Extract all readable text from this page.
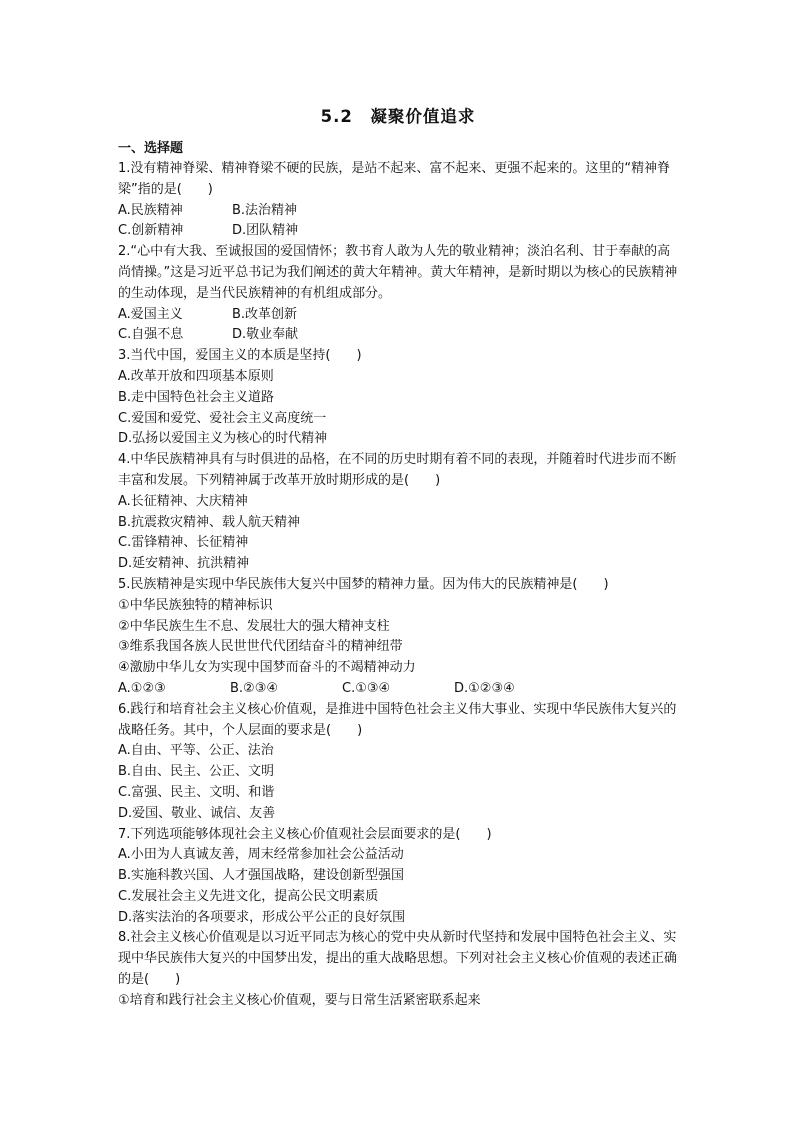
5.2　凝聚价值追求

一、选择题

1.没有精神脊梁、精神脊梁不硬的民族，是站不起来、富不起来、更强不起来的。这里的“精神脊梁”指的是(　　)

A.民族精神	B.法治精神
C.创新精神	D.团队精神

2.“心中有大我、至诚报国的爱国情怀；教书育人敢为人先的敬业精神；淡泊名利、甘于奉献的高尚情操。”这是习近平总书记为我们阐述的黄大年精神。黄大年精神，是新时期以为核心的民族精神的生动体现，是当代民族精神的有机组成部分。

A.爱国主义	B.改革创新
C.自强不息	D.敬业奉献

3.当代中国，爱国主义的本质是坚持(　　)

A.改革开放和四项基本原则

B.走中国特色社会主义道路

C.爱国和爱党、爱社会主义高度统一

D.弘扬以爱国主义为核心的时代精神

4.中华民族精神具有与时俱进的品格，在不同的历史时期有着不同的表现，并随着时代进步而不断丰富和发展。下列精神属于改革开放时期形成的是(　　)

A.长征精神、大庆精神

B.抗震救灾精神、载人航天精神

C.雷锋精神、长征精神

D.延安精神、抗洪精神

5.民族精神是实现中华民族伟大复兴中国梦的精神力量。因为伟大的民族精神是(　　)

①中华民族独特的精神标识

②中华民族生生不息、发展壮大的强大精神支柱

③维系我国各族人民世世代代团结奋斗的精神纽带

④激励中华儿女为实现中国梦而奋斗的不竭精神动力

A.①②③	B.②③④	C.①③④	D.①②③④

6.践行和培育社会主义核心价值观，是推进中国特色社会主义伟大事业、实现中华民族伟大复兴的战略任务。其中，个人层面的要求是(　　)

A.自由、平等、公正、法治

B.自由、民主、公正、文明

C.富强、民主、文明、和谐

D.爱国、敬业、诚信、友善

7.下列选项能够体现社会主义核心价值观社会层面要求的是(　　)

A.小田为人真诚友善，周末经常参加社会公益活动

B.实施科教兴国、人才强国战略，建设创新型强国

C.发展社会主义先进文化，提高公民文明素质

D.落实法治的各项要求，形成公平公正的良好氛围

8.社会主义核心价值观是以习近平同志为核心的党中央从新时代坚持和发展中国特色社会主义、实现中华民族伟大复兴的中国梦出发，提出的重大战略思想。下列对社会主义核心价值观的表述正确的是(　　)

①培育和践行社会主义核心价值观，要与日常生活紧密联系起来
